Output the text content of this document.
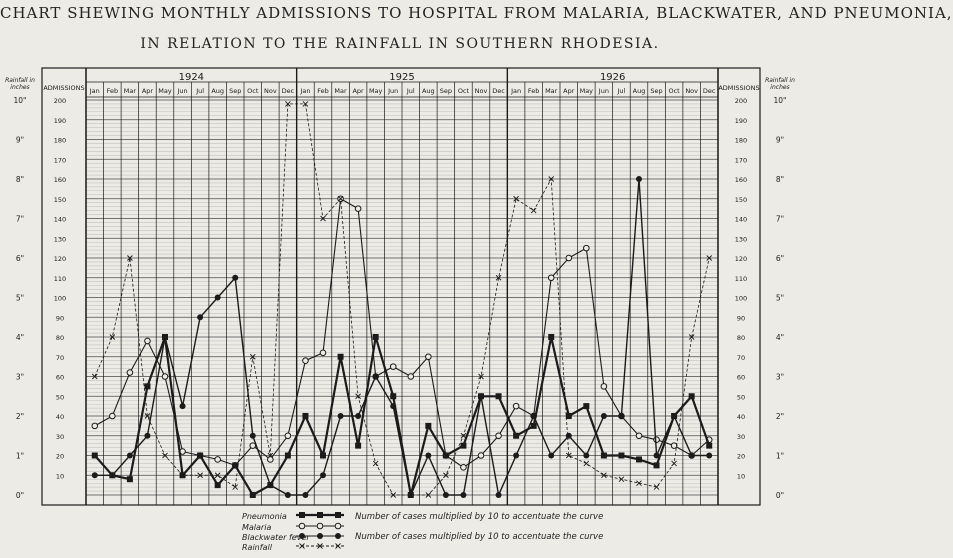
CHART SHEWING MONTHLY ADMISSIONS TO HOSPITAL FROM MALARIA, BLACKWATER, AND PNEUMONIA,
IN RELATION TO THE RAINFALL IN SOUTHERN RHODESIA.
1924	1925	1926
Jan Feb Mar Apr May Jun Jul Aug Sep Oct Nov Dec Jan Feb Mar Apr May Jun Jul Aug Sep Oct Nov Dec Jan Feb Mar Apr May Jun Jul Aug Sep Oct Nov Dec
Rainfall in
inches ADMISSIONS	ADMISSIONS
Rainfall in
inches
200	200
190	190
180	180
170	170
160	160
150	150
140	140
130	130
120	120
110	110
100	100
90	90
80	80
70	70
60	60
50	50
40	40
30	30
20	20
10	10
10"	10"
9"	9"
8"	8"
7"	7"
6"	6"
5"	5"
4"	4"
3"	3"
2"	2"
1"	1"
0"	0"
Pneumonia
Malaria
Blackwater fever
Rainfall
Number of cases multiplied by 10 to accentuate the curve
Number of cases multiplied by 10 to accentuate the curve
